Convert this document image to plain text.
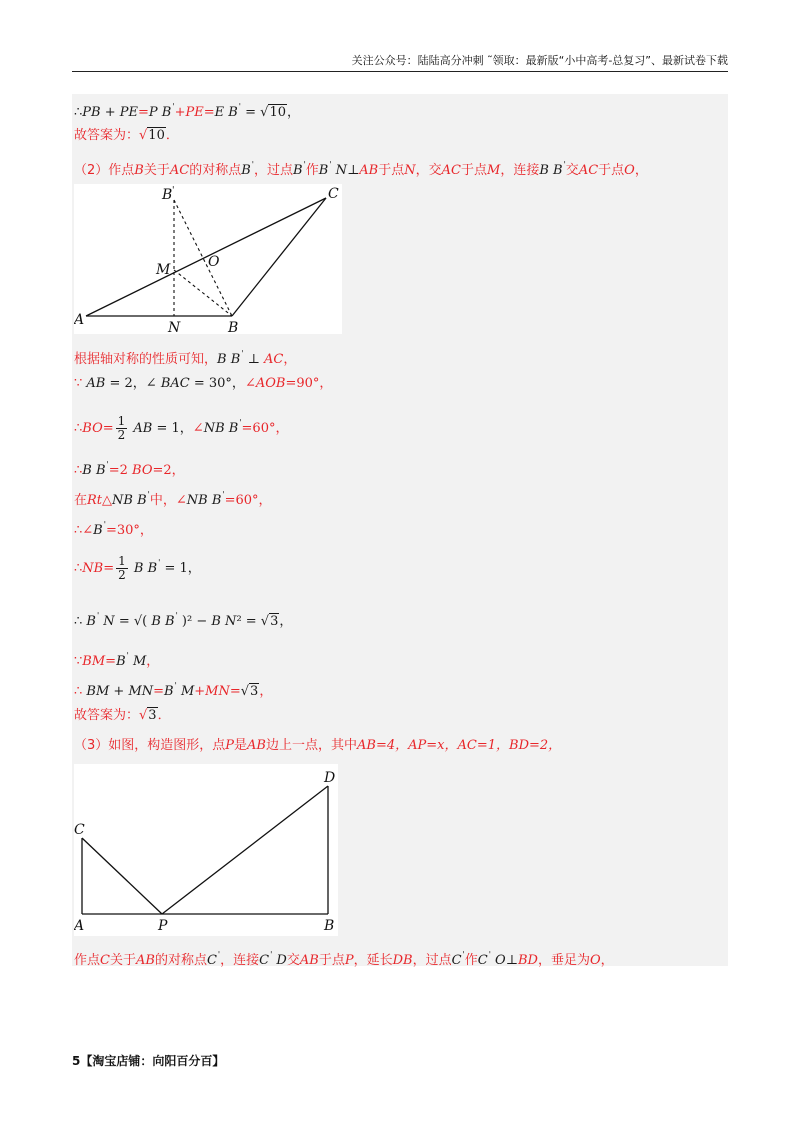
关注公众号：陆陆高分冲刺 ˜领取：最新版“小中高考-总复习”、最新试卷下载
∴PB + PE=P B'+PE=E B' = √10，
故答案为：√10．
（2）作点B关于AC的对称点B'，过点B'作B' N⊥AB于点N，交AC于点M，连接B B'交AC于点O，
B '	C
M	O
A	N	B
根据轴对称的性质可知，B B' ⊥ AC，
∵ AB = 2，∠ BAC = 30°，∠AOB=90°，
∴BO= $\frac{1}{2}$ AB = 1，∠NB B'=60°，
∴B B'=2 BO=2，
在Rt△NB B'中，∠NB B'=60°，
∴∠B'=30°，
∴NB= $\frac{1}{2}$ B B' = 1，
∴ B' N = √( B B' )² − B N² = √3，
∵BM=B' M，
∴ BM + MN=B' M+MN=√3，
故答案为：√3．
（3）如图，构造图形，点P是AB边上一点，其中AB=4，AP=x，AC=1，BD=2，
D
C
A	P	B
作点C关于AB的对称点C'，连接C' D交AB于点P，延长DB，过点C'作C' O⊥BD，垂足为O，
5【淘宝店铺：向阳百分百】
